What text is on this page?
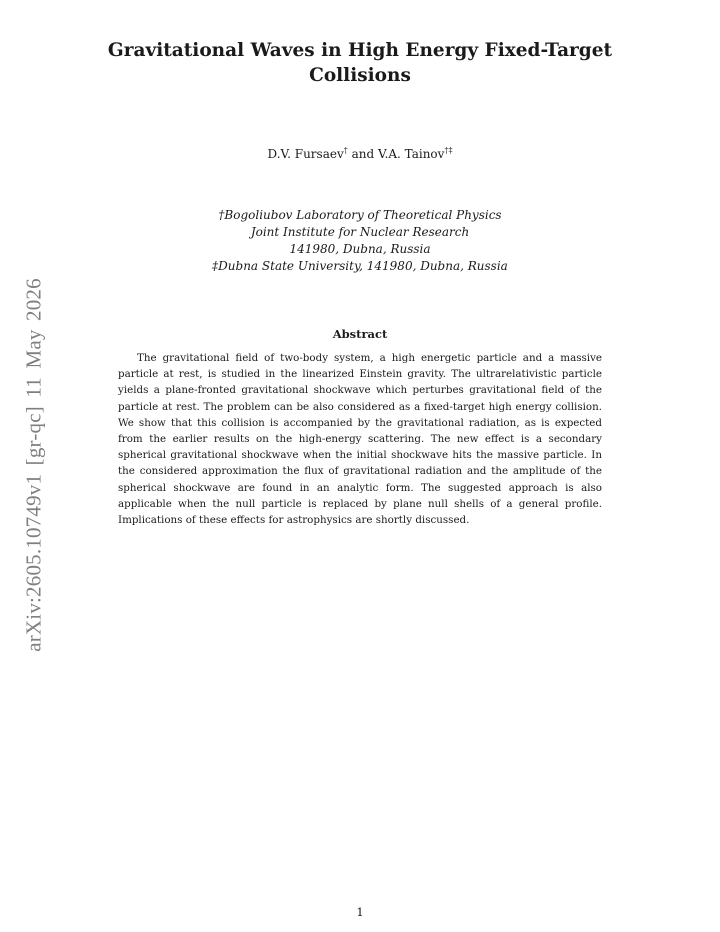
arXiv:2605.10749v1 [gr-qc] 11 May 2026
Gravitational Waves in High Energy Fixed-Target Collisions
D.V. Fursaev† and V.A. Tainov†‡
†Bogoliubov Laboratory of Theoretical Physics
Joint Institute for Nuclear Research
141980, Dubna, Russia
‡Dubna State University, 141980, Dubna, Russia
Abstract

The gravitational field of two-body system, a high energetic particle and a massive particle at rest, is studied in the linearized Einstein gravity. The ultrarelativistic particle yields a plane-fronted gravitational shockwave which perturbes gravitational field of the particle at rest. The problem can be also considered as a fixed-target high energy collision. We show that this collision is accompanied by the gravitational radiation, as is expected from the earlier results on the high-energy scattering. The new effect is a secondary spherical gravitational shockwave when the initial shockwave hits the massive particle. In the considered approximation the flux of gravitational radiation and the amplitude of the spherical shockwave are found in an analytic form. The suggested approach is also applicable when the null particle is replaced by plane null shells of a general profile. Implications of these effects for astrophysics are shortly discussed.

1
